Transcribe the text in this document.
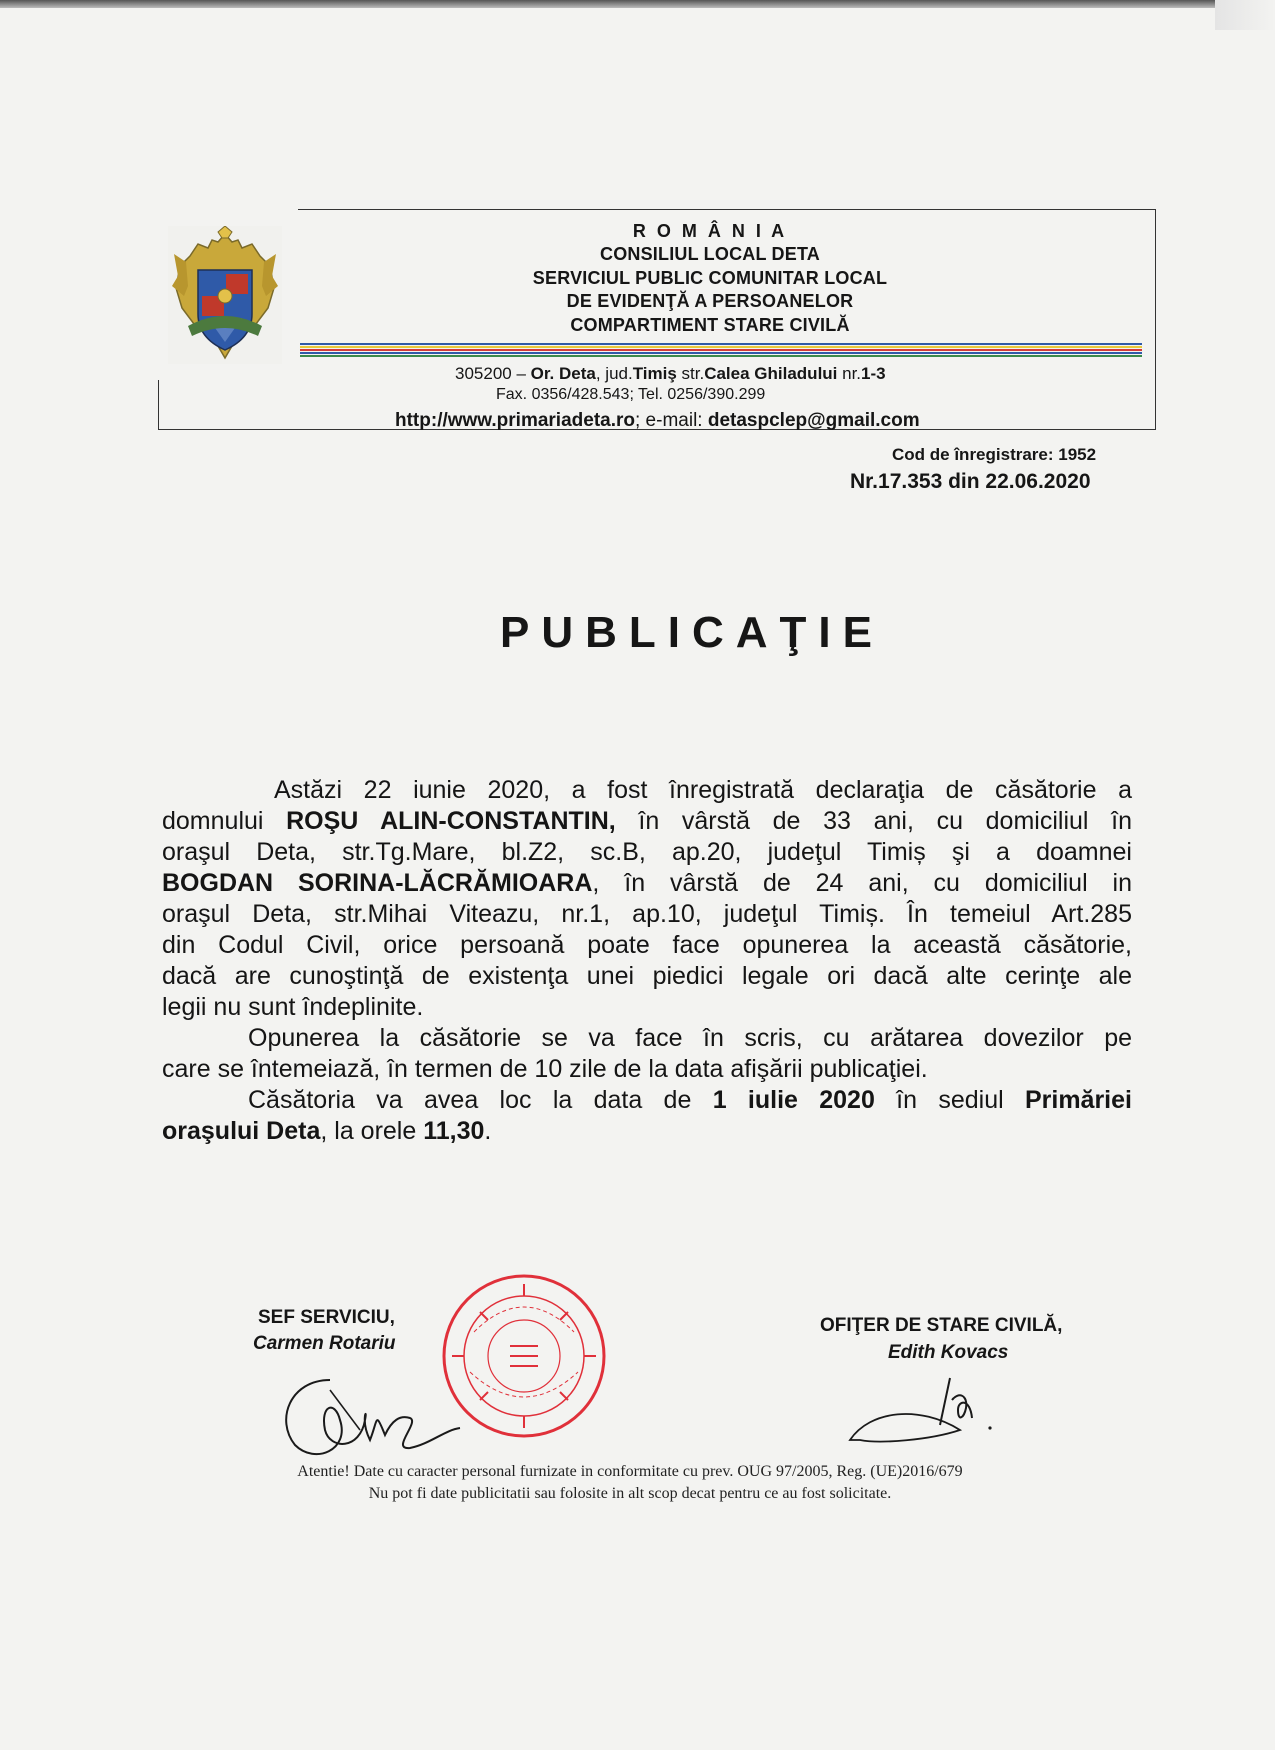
R O M Â N I A
CONSILIUL LOCAL DETA
SERVICIUL PUBLIC COMUNITAR LOCAL
DE EVIDENŢĂ A PERSOANELOR
COMPARTIMENT STARE CIVILĂ
305200 – Or. Deta, jud.Timiş str.Calea Ghiladului nr.1-3
Fax. 0356/428.543; Tel. 0256/390.299
http://www.primariadeta.ro; e-mail: detaspclep@gmail.com
Cod de înregistrare: 1952
Nr.17.353 din 22.06.2020
PUBLICAŢIE
Astăzi 22 iunie 2020, a fost înregistrată declaraţia de căsătorie a
domnului ROŞU ALIN-CONSTANTIN, în vârstă de 33 ani, cu domiciliul în
oraşul Deta, str.Tg.Mare, bl.Z2, sc.B, ap.20, judeţul Timiș şi a doamnei
BOGDAN SORINA-LĂCRĂMIOARA, în vârstă de 24 ani, cu domiciliul in
oraşul Deta, str.Mihai Viteazu, nr.1, ap.10, judeţul Timiș. În temeiul Art.285
din Codul Civil, orice persoană poate face opunerea la această căsătorie,
dacă are cunoştinţă de existenţa unei piedici legale ori dacă alte cerinţe ale
legii nu sunt îndeplinite.
Opunerea la căsătorie se va face în scris, cu arătarea dovezilor pe
care se întemeiază, în termen de 10 zile de la data afişării publicaţiei.
Căsătoria va avea loc la data de 1 iulie 2020 în sediul Primăriei
oraşului Deta, la orele 11,30.
SEF SERVICIU,
Carmen Rotariu
OFIŢER DE STARE CIVILĂ,
Edith Kovacs
Atentie! Date cu caracter personal furnizate in conformitate cu prev. OUG 97/2005, Reg. (UE)2016/679
Nu pot fi date publicitatii sau folosite in alt scop decat pentru ce au fost solicitate.
